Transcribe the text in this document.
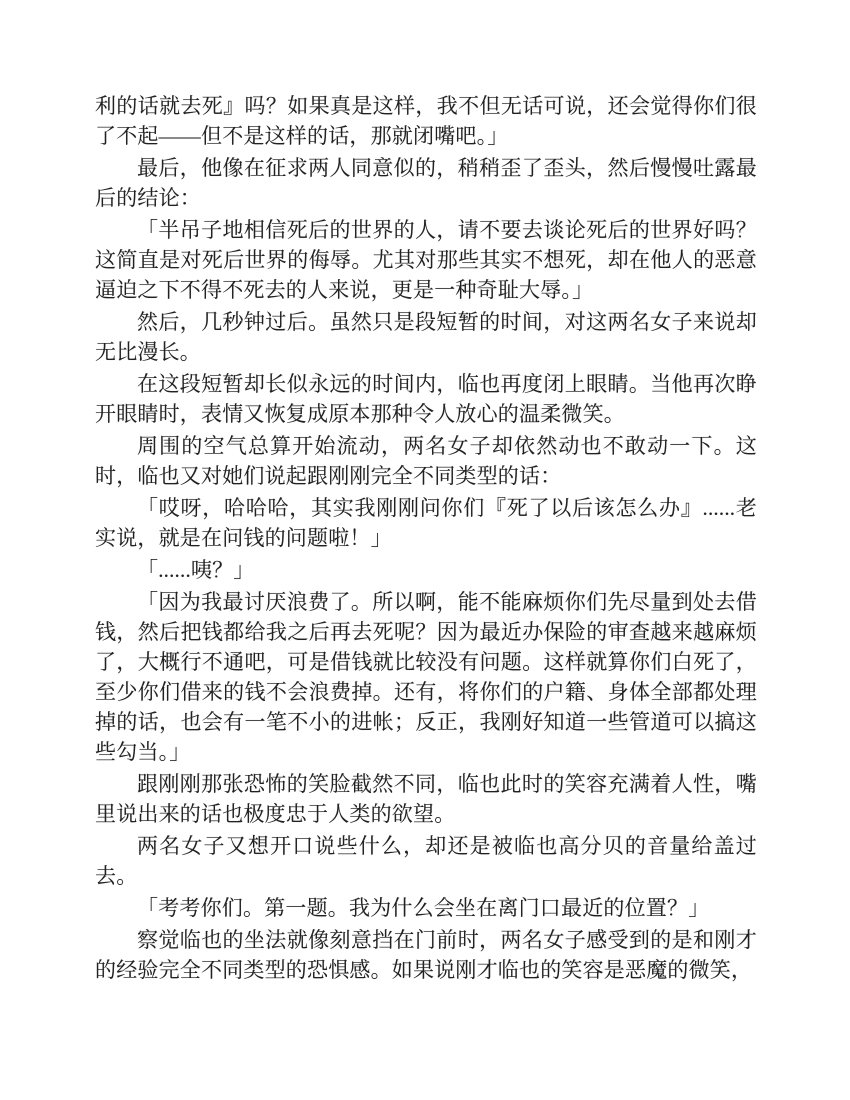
利的话就去死』吗？如果真是这样，我不但无话可说，还会觉得你们很了不起——但不是这样的话，那就闭嘴吧。」

最后，他像在征求两人同意似的，稍稍歪了歪头，然后慢慢吐露最后的结论：

「半吊子地相信死后的世界的人，请不要去谈论死后的世界好吗？这简直是对死后世界的侮辱。尤其对那些其实不想死，却在他人的恶意逼迫之下不得不死去的人来说，更是一种奇耻大辱。」

然后，几秒钟过后。虽然只是段短暂的时间，对这两名女子来说却无比漫长。

在这段短暂却长似永远的时间内，临也再度闭上眼睛。当他再次睁开眼睛时，表情又恢复成原本那种令人放心的温柔微笑。

周围的空气总算开始流动，两名女子却依然动也不敢动一下。这时，临也又对她们说起跟刚刚完全不同类型的话：

「哎呀，哈哈哈，其实我刚刚问你们『死了以后该怎么办』......老实说，就是在问钱的问题啦！」

「......咦？」

「因为我最讨厌浪费了。所以啊，能不能麻烦你们先尽量到处去借钱，然后把钱都给我之后再去死呢？因为最近办保险的审查越来越麻烦了，大概行不通吧，可是借钱就比较没有问题。这样就算你们白死了，至少你们借来的钱不会浪费掉。还有，将你们的户籍、身体全部都处理掉的话，也会有一笔不小的进帐；反正，我刚好知道一些管道可以搞这些勾当。」

跟刚刚那张恐怖的笑脸截然不同，临也此时的笑容充满着人性，嘴里说出来的话也极度忠于人类的欲望。

两名女子又想开口说些什么，却还是被临也高分贝的音量给盖过去。

「考考你们。第一题。我为什么会坐在离门口最近的位置？」

察觉临也的坐法就像刻意挡在门前时，两名女子感受到的是和刚才的经验完全不同类型的恐惧感。如果说刚才临也的笑容是恶魔的微笑，
